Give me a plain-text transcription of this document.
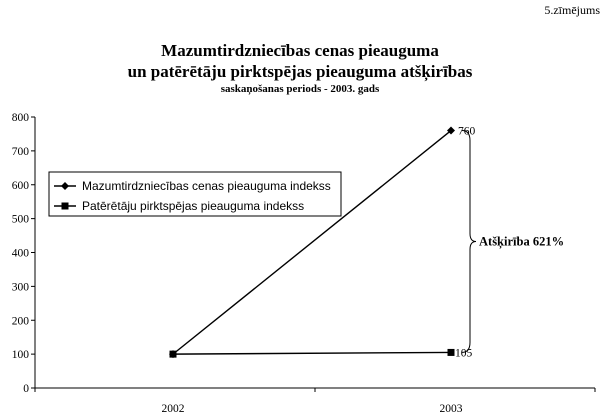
5.zīmējums
Mazumtirdzniecības cenas pieauguma
un patērētāju pirktspējas pieauguma atšķirības
saskaņošanas periods - 2003. gads
0
100
200
300
400
500
600
700
800
2002	2003
760
105
Atšķirība 621%
Mazumtirdzniecības cenas pieauguma indekss
Patērētāju pirktspējas pieauguma indekss
